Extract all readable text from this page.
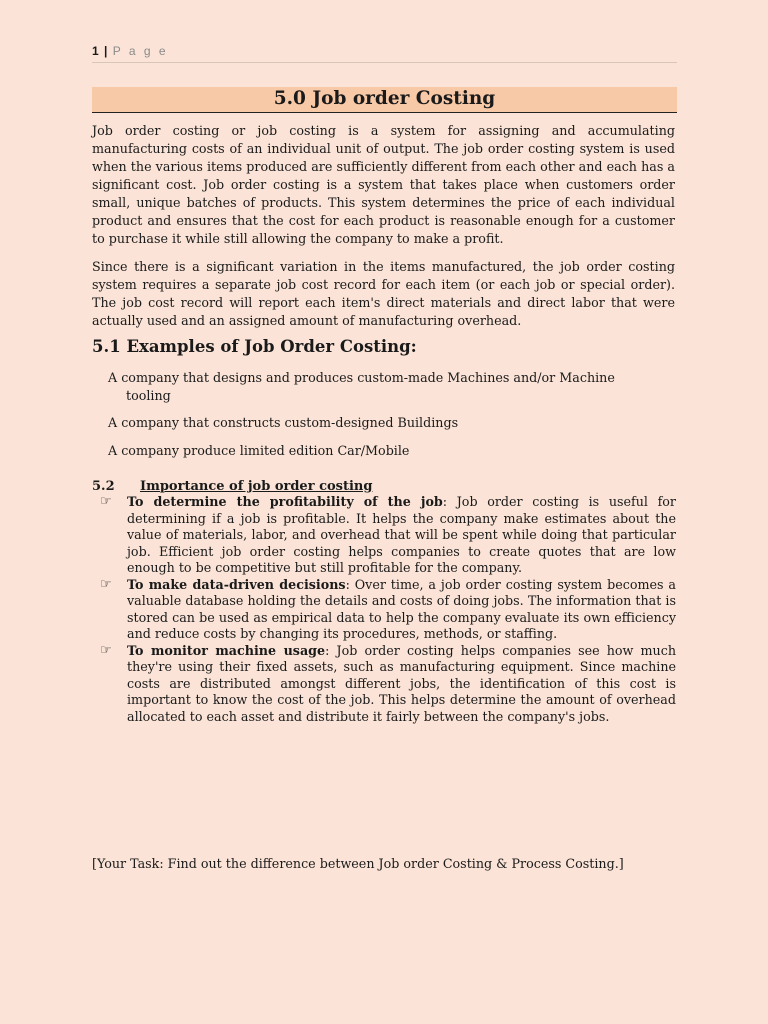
1 | P a g e
5.0 Job order Costing

Job order costing or job costing is a system for assigning and accumulating manufacturing costs of an individual unit of output. The job order costing system is used when the various items produced are sufficiently different from each other and each has a significant cost. Job order costing is a system that takes place when customers order small, unique batches of products. This system determines the price of each individual product and ensures that the cost for each product is reasonable enough for a customer to purchase it while still allowing the company to make a profit.

Since there is a significant variation in the items manufactured, the job order costing system requires a separate job cost record for each item (or each job or special order). The job cost record will report each item's direct materials and direct labor that were actually used and an assigned amount of manufacturing overhead.

5.1 Examples of Job Order Costing:

A company that designs and produces custom-made Machines and/or Machine
tooling

A company that constructs custom-designed Buildings

A company produce limited edition Car/Mobile

5.2 Importance of job order costing
☞	To determine the profitability of the job: Job order costing is useful for determining if a job is profitable. It helps the company make estimates about the value of materials, labor, and overhead that will be spent while doing that particular job. Efficient job order costing helps companies to create quotes that are low enough to be competitive but still profitable for the company.
☞	To make data-driven decisions: Over time, a job order costing system becomes a valuable database holding the details and costs of doing jobs. The information that is stored can be used as empirical data to help the company evaluate its own efficiency and reduce costs by changing its procedures, methods, or staffing.
☞	To monitor machine usage: Job order costing helps companies see how much they're using their fixed assets, such as manufacturing equipment. Since machine costs are distributed amongst different jobs, the identification of this cost is important to know the cost of the job. This helps determine the amount of overhead allocated to each asset and distribute it fairly between the company's jobs.

[Your Task: Find out the difference between Job order Costing & Process Costing.]
